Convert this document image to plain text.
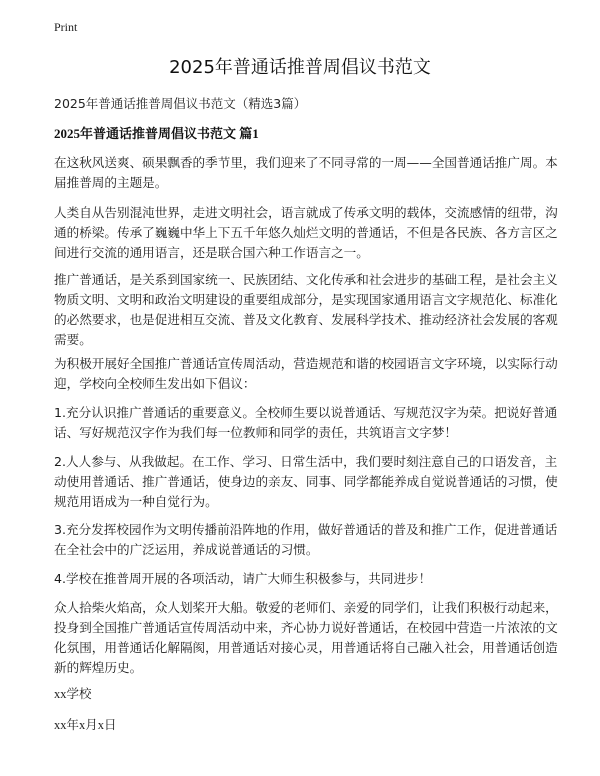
Print
2025年普通话推普周倡议书范文
2025年普通话推普周倡议书范文（精选3篇）
2025年普通话推普周倡议书范文 篇1

在这秋风送爽、硕果飘香的季节里，我们迎来了不同寻常的一周——全国普通话推广周。本届推普周的主题是。

人类自从告别混沌世界，走进文明社会，语言就成了传承文明的载体，交流感情的纽带，沟通的桥梁。传承了巍巍中华上下五千年悠久灿烂文明的普通话，不但是各民族、各方言区之间进行交流的通用语言，还是联合国六种工作语言之一。

推广普通话，是关系到国家统一、民族团结、文化传承和社会进步的基础工程，是社会主义物质文明、文明和政治文明建设的重要组成部分，是实现国家通用语言文字规范化、标准化的必然要求，也是促进相互交流、普及文化教育、发展科学技术、推动经济社会发展的客观需要。

为积极开展好全国推广普通话宣传周活动，营造规范和谐的校园语言文字环境，以实际行动迎，学校向全校师生发出如下倡议：

1.充分认识推广普通话的重要意义。全校师生要以说普通话、写规范汉字为荣。把说好普通话、写好规范汉字作为我们每一位教师和同学的责任，共筑语言文字梦！

2.人人参与、从我做起。在工作、学习、日常生活中，我们要时刻注意自己的口语发音，主动使用普通话、推广普通话，使身边的亲友、同事、同学都能养成自觉说普通话的习惯，使规范用语成为一种自觉行为。

3.充分发挥校园作为文明传播前沿阵地的作用，做好普通话的普及和推广工作，促进普通话在全社会中的广泛运用，养成说普通话的习惯。

4.学校在推普周开展的各项活动，请广大师生积极参与，共同进步！

众人拾柴火焰高，众人划桨开大船。敬爱的老师们、亲爱的同学们，让我们积极行动起来，投身到全国推广普通话宣传周活动中来，齐心协力说好普通话，在校园中营造一片浓浓的文化氛围，用普通话化解隔阂，用普通话对接心灵，用普通话将自己融入社会，用普通话创造新的辉煌历史。

xx学校
xx年x月x日
